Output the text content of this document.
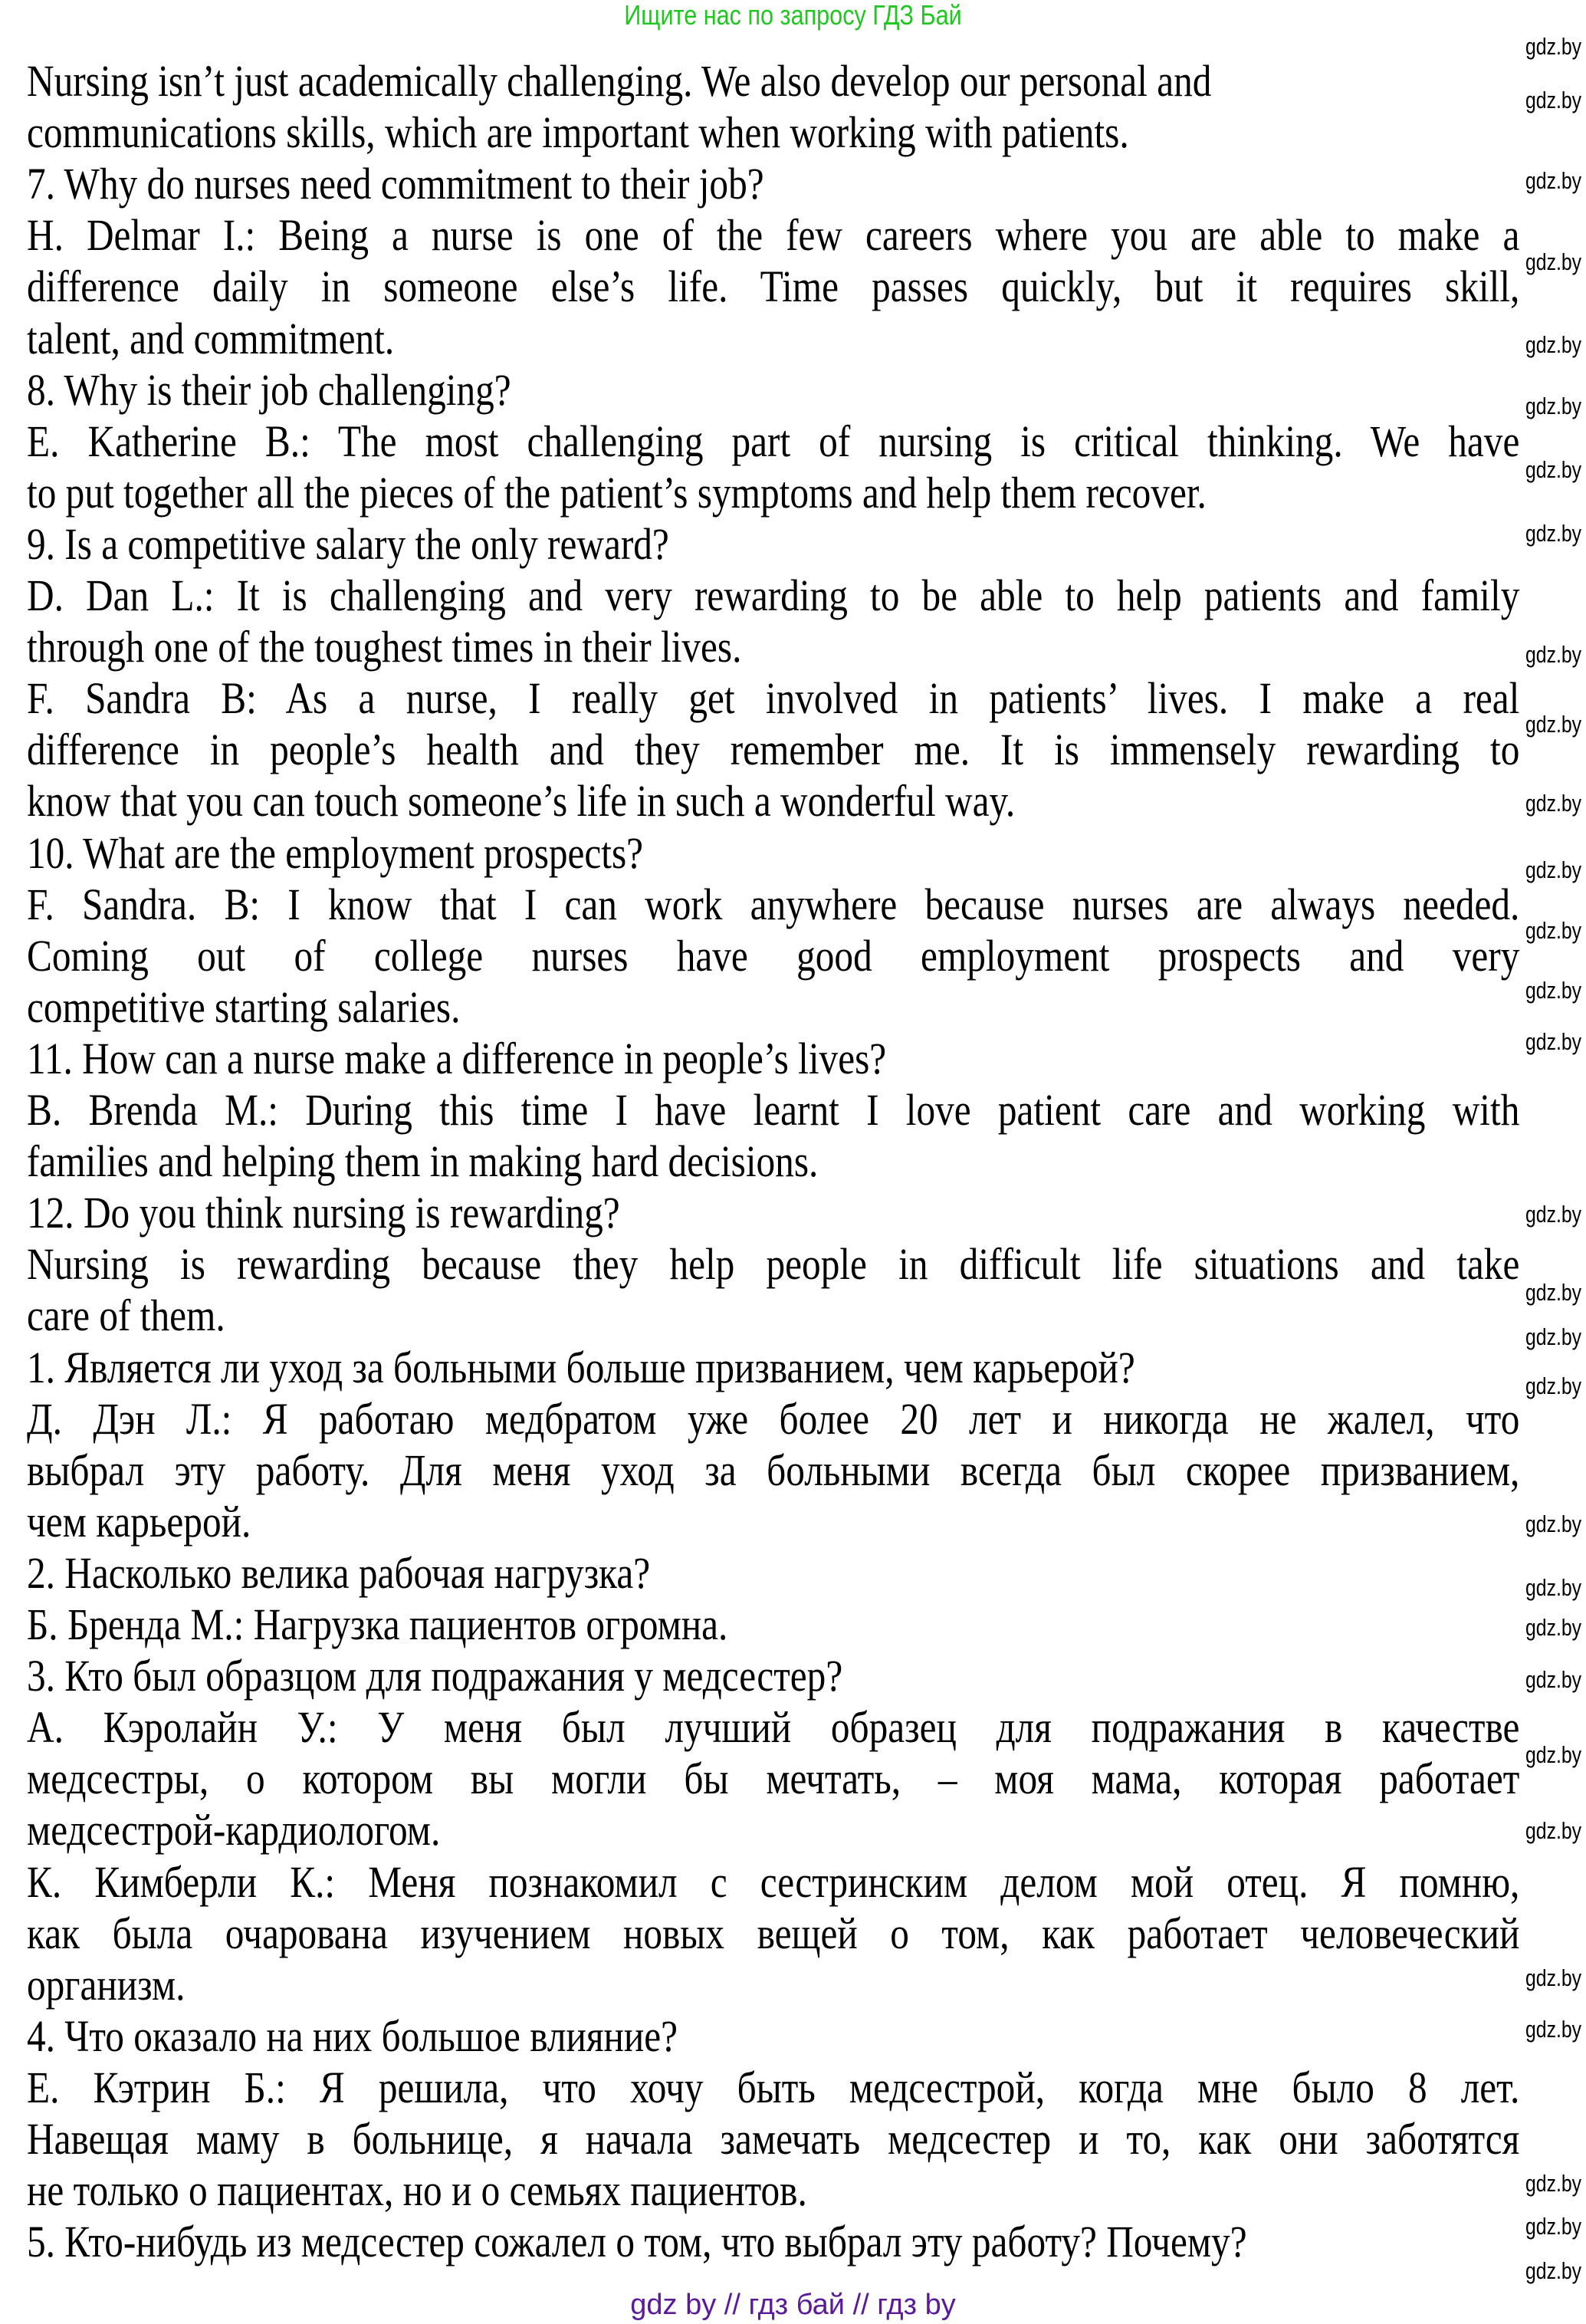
Ищите нас по запросу ГДЗ Бай
Nursing isn’t just academically challenging. We also develop our personal and
communications skills, which are important when working with patients.
7. Why do nurses need commitment to their job?
H. Delmar I.: Being a nurse is one of the few careers where you are able to make a
difference daily in someone else’s life. Time passes quickly, but it requires skill,
talent, and commitment.
8. Why is their job challenging?
E. Katherine B.: The most challenging part of nursing is critical thinking. We have
to put together all the pieces of the patient’s symptoms and help them recover.
9. Is a competitive salary the only reward?
D. Dan L.: It is challenging and very rewarding to be able to help patients and family
through one of the toughest times in their lives.
F. Sandra B: As a nurse, I really get involved in patients’ lives. I make a real
difference in people’s health and they remember me. It is immensely rewarding to
know that you can touch someone’s life in such a wonderful way.
10. What are the employment prospects?
F. Sandra. B: I know that I can work anywhere because nurses are always needed.
Coming out of college nurses have good employment prospects and very
competitive starting salaries.
11. How can a nurse make a difference in people’s lives?
B. Brenda M.: During this time I have learnt I love patient care and working with
families and helping them in making hard decisions.
12. Do you think nursing is rewarding?
Nursing is rewarding because they help people in difficult life situations and take
care of them.
1. Является ли уход за больными больше призванием, чем карьерой?
Д. Дэн Л.: Я работаю медбратом уже более 20 лет и никогда не жалел, что
выбрал эту работу. Для меня уход за больными всегда был скорее призванием,
чем карьерой.
2. Насколько велика рабочая нагрузка?
Б. Бренда М.: Нагрузка пациентов огромна.
3. Кто был образцом для подражания у медсестер?
А. Кэролайн У.: У меня был лучший образец для подражания в качестве
медсестры, о котором вы могли бы мечтать, – моя мама, которая работает
медсестрой-кардиологом.
К. Кимберли К.: Меня познакомил с сестринским делом мой отец. Я помню,
как была очарована изучением новых вещей о том, как работает человеческий
организм.
4. Что оказало на них большое влияние?
Е. Кэтрин Б.: Я решила, что хочу быть медсестрой, когда мне было 8 лет.
Навещая маму в больнице, я начала замечать медсестер и то, как они заботятся
не только о пациентах, но и о семьях пациентов.
5. Кто-нибудь из медсестер сожалел о том, что выбрал эту работу? Почему?
gdz.by
gdz.by
gdz.by
gdz.by
gdz.by
gdz.by
gdz.by
gdz.by
gdz.by
gdz.by
gdz.by
gdz.by
gdz.by
gdz.by
gdz.by
gdz.by
gdz.by
gdz.by
gdz.by
gdz.by
gdz.by
gdz.by
gdz.by
gdz.by
gdz.by
gdz.by
gdz.by
gdz.by
gdz.by
gdz.by
gdz by // гдз бай // гдз by
